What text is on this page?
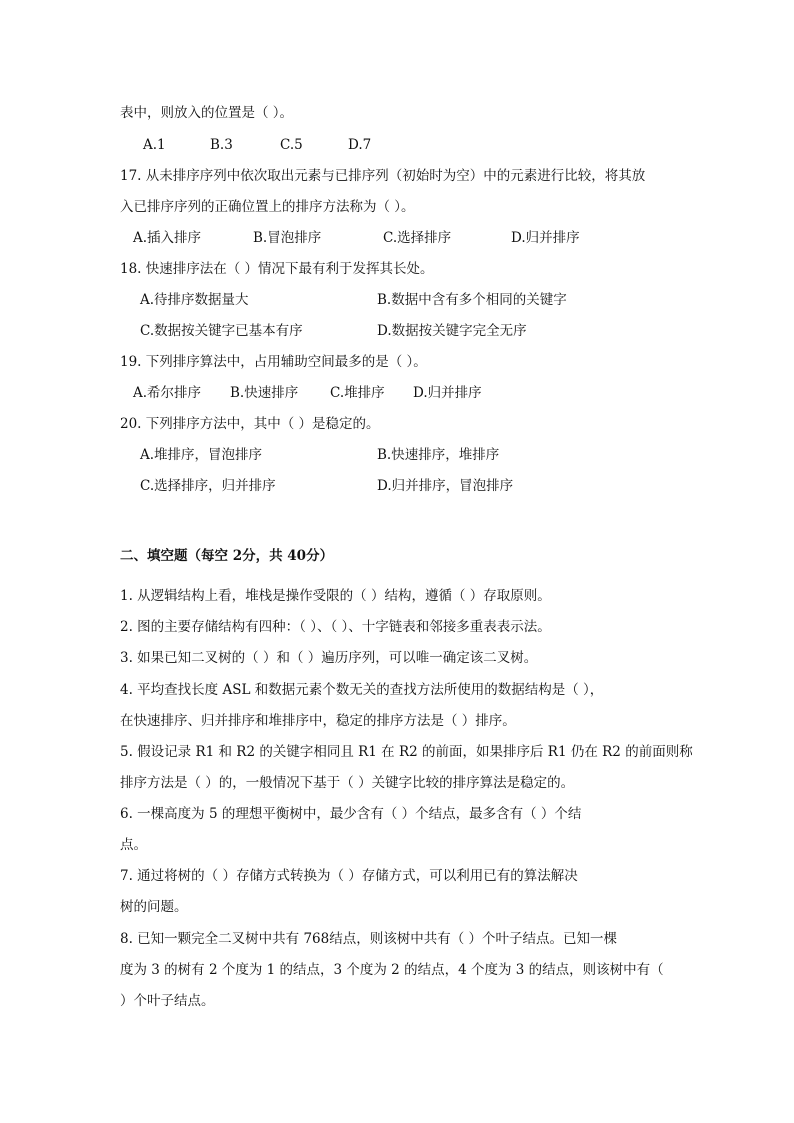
表中，则放入的位置是（ ）。
A.1	B.3	C.5	D.7
17. 从未排序序列中依次取出元素与已排序列（初始时为空）中的元素进行比较，将其放
入已排序序列的正确位置上的排序方法称为（ ）。
A.插入排序	B.冒泡排序	C.选择排序	D.归并排序
18. 快速排序法在（ ）情况下最有利于发挥其长处。
A.待排序数据量大	B.数据中含有多个相同的关键字
C.数据按关键字已基本有序	D.数据按关键字完全无序
19. 下列排序算法中，占用辅助空间最多的是（ ）。
A.希尔排序 B.快速排序 C.堆排序 D.归并排序
20. 下列排序方法中，其中（ ）是稳定的。
A.堆排序，冒泡排序	B.快速排序，堆排序
C.选择排序，归并排序	D.归并排序，冒泡排序
二、填空题（每空 2分，共 40分）
1. 从逻辑结构上看，堆栈是操作受限的（ ）结构，遵循（ ）存取原则。
2. 图的主要存储结构有四种：（ ）、（ ）、十字链表和邻接多重表表示法。
3. 如果已知二叉树的（ ）和（ ）遍历序列，可以唯一确定该二叉树。
4. 平均查找长度 ASL 和数据元素个数无关的查找方法所使用的数据结构是（ ），
在快速排序、归并排序和堆排序中，稳定的排序方法是（ ）排序。
5. 假设记录 R1 和 R2 的关键字相同且 R1 在 R2 的前面，如果排序后 R1 仍在 R2 的前面则称
排序方法是（ ）的，一般情况下基于（ ）关键字比较的排序算法是稳定的。
6. 一棵高度为 5 的理想平衡树中，最少含有（ ）个结点，最多含有（ ）个结
点。
7. 通过将树的（ ）存储方式转换为（ ）存储方式，可以利用已有的算法解决
树的问题。
8. 已知一颗完全二叉树中共有 768结点，则该树中共有（ ）个叶子结点。已知一棵
度为 3 的树有 2 个度为 1 的结点，3 个度为 2 的结点，4 个度为 3 的结点，则该树中有（
）个叶子结点。
